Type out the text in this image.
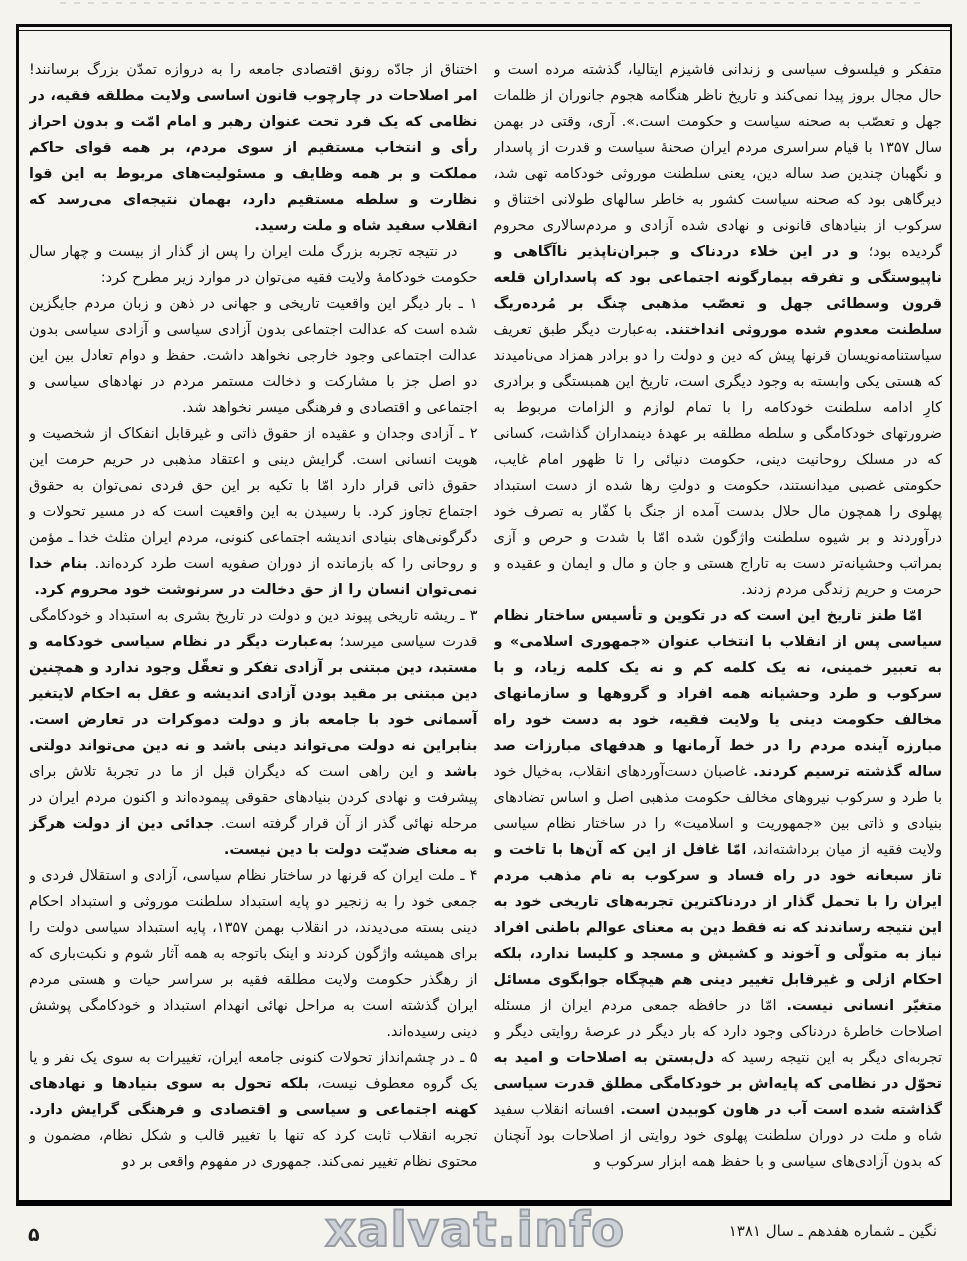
متفکر و فیلسوف سیاسی و زندانی فاشیزم ایتالیا، گذشته مرده است و حال مجال بروز پیدا نمی‌کند و تاریخ ناظر هنگامه هجوم جانوران از ظلمات جهل و تعصّب به صحنه سیاست و حکومت است.». آری، وقتی در بهمن سال ۱۳۵۷ با قیام سراسری مردم ایران صحنهٔ سیاست و قدرت از پاسدار و نگهبان چندین صد ساله دین، یعنی سلطنت موروثی خودکامه تهی شد، دیرگاهی بود که صحنه سیاست کشور به خاطر سالهای طولانی اختناق و سرکوب از بنیادهای قانونی و نهادی شده آزادی و مردم‌سالاری محروم گردیده بود؛ و در این خلاء دردناک و جبران‌ناپذیر ناآگاهی و ناپیوستگی و تفرقه بیمارگونه اجتماعی بود که پاسداران قلعه قرون وسطائی جهل و تعصّب مذهبی چنگ بر مُرده‌ریگ سلطنت معدوم شده موروثی انداختند. به‌عبارت دیگر طبق تعریف سیاستنامه‌نویسان قرنها پیش که دین و دولت را دو برادر همزاد می‌نامیدند که هستی یکی وابسته به وجود دیگری است، تاریخ این همبستگی و برادری کارِ ادامه سلطنت خودکامه را با تمام لوازم و الزامات مربوط به ضرورتهای خودکامگی و سلطه مطلقه بر عهدهٔ دینمداران گذاشت، کسانی که در مسلک روحانیت دینی، حکومت دنیائی را تا ظهور امام غایب، حکومتی غصبی میدانستند، حکومت و دولتِ رها شده از دست استبداد پهلوی را همچون مال حلال بدست آمده از جنگ با کفّار به تصرف خود درآوردند و بر شیوه سلطنت واژگون شده امّا با شدت و حرص و آزی بمراتب وحشیانه‌تر دست به تاراج هستی و جان و مال و ایمان و عقیده و حرمت و حریم زندگی مردم زدند.

امّا طنز تاریخ این است که در تکوین و تأسیس ساختار نظام سیاسی پس از انقلاب با انتخاب عنوان «جمهوری اسلامی» و به تعبیر خمینی، نه یک کلمه کم و نه یک کلمه زیاد، و با سرکوب و طرد وحشیانه همه افراد و گروهها و سازمانهای مخالف حکومت دینی یا ولایت فقیه، خود به دست خود راه مبارزه آینده مردم را در خط آرمانها و هدفهای مبارزات صد ساله گذشته ترسیم کردند. غاصبان دست‌آوردهای انقلاب، به‌خیال خود با طرد و سرکوب نیروهای مخالف حکومت مذهبی اصل و اساس تضادهای بنیادی و ذاتی بین «جمهوریت و اسلامیت» را در ساختار نظام سیاسی ولایت فقیه از میان برداشته‌اند، امّا غافل از این که آن‌ها با تاخت و تاز سبعانه خود در راه فساد و سرکوب به نام مذهب مردم ایران را با تحمل گذار از دردناکترین تجربه‌های تاریخی خود به این نتیجه رساندند که نه فقط دین به معنای عوالم باطنی افراد نیاز به متولّی و آخوند و کشیش و مسجد و کلیسا ندارد، بلکه احکام ازلی و غیرقابل تغییر دینی هم هیچگاه جوابگوی مسائل متغیّر انسانی نیست. امّا در حافظه جمعی مردم ایران از مسئله اصلاحات خاطرهٔ دردناکی وجود دارد که بار دیگر در عرصهٔ روایتی دیگر و تجربه‌ای دیگر به این نتیجه رسید که دل‌بستن به اصلاحات و امید به تحوّل در نظامی که پایه‌اش بر خودکامگی مطلق قدرت سیاسی گذاشته شده است آب در هاون کوبیدن است. افسانه انقلاب سفید شاه و ملت در دوران سلطنت پهلوی خود روایتی از اصلاحات بود آنچنان که بدون آزادی‌های سیاسی و با حفظ همه ابزار سرکوب و

اختناق از جادّه رونق اقتصادی جامعه را به دروازه تمدّن بزرگ برسانند! امر اصلاحات در چارچوب قانون اساسی ولایت مطلقه فقیه، در نظامی که یک فرد تحت عنوان رهبر و امام امّت و بدون احراز رأی و انتخاب مستقیم از سوی مردم، بر همه قوای حاکم مملکت و بر همه وظایف و مسئولیت‌های مربوط به این قوا نظارت و سلطه مستقیم دارد، بهمان نتیجه‌ای می‌رسد که انقلاب سفید شاه و ملت رسید.

در نتیجه تجربه بزرگ ملت ایران را پس از گذار از بیست و چهار سال حکومت خودکامهٔ ولایت فقیه می‌توان در موارد زیر مطرح کرد:

۱ ـ بار دیگر این واقعیت تاریخی و جهانی در ذهن و زبان مردم جایگزین شده است که عدالت اجتماعی بدون آزادی سیاسی و آزادی سیاسی بدون عدالت اجتماعی وجود خارجی نخواهد داشت. حفظ و دوام تعادل بین این دو اصل جز با مشارکت و دخالت مستمر مردم در نهادهای سیاسی و اجتماعی و اقتصادی و فرهنگی میسر نخواهد شد.

۲ ـ آزادی وجدان و عقیده از حقوق ذاتی و غیرقابل انفکاک از شخصیت و هویت انسانی است. گرایش دینی و اعتقاد مذهبی در حریم حرمت این حقوق ذاتی قرار دارد امّا با تکیه بر این حق فردی نمی‌توان به حقوق اجتماع تجاوز کرد. با رسیدن به این واقعیت است که در مسیر تحولات و دگرگونی‌های بنیادی اندیشه اجتماعی کنونی، مردم ایران مثلث خدا ـ مؤمن و روحانی را که بازمانده از دوران صفویه است طرد کرده‌اند. بنام خدا نمی‌توان انسان را از حق دخالت در سرنوشت خود محروم کرد.

۳ ـ ریشه تاریخی پیوند دین و دولت در تاریخ بشری به استبداد و خودکامگی قدرت سیاسی میرسد؛ به‌عبارت دیگر در نظام سیاسی خودکامه و مستبد، دین مبتنی بر آزادی تفکر و تعقّل وجود ندارد و همچنین دین مبتنی بر مقید بودن آزادی اندیشه و عقل به احکام لایتغیر آسمانی خود با جامعه باز و دولت دموکرات در تعارض است. بنابراین نه دولت می‌تواند دینی باشد و نه دین می‌تواند دولتی باشد و این راهی است که دیگران قبل از ما در تجربهٔ تلاش برای پیشرفت و نهادی کردن بنیادهای حقوقی پیموده‌اند و اکنون مردم ایران در مرحله نهائی گذر از آن قرار گرفته است. جدائی دین از دولت هرگز به معنای ضدیّت دولت با دین نیست.

۴ ـ ملت ایران که قرنها در ساختار نظام سیاسی، آزادی و استقلال فردی و جمعی خود را به زنجیر دو پایه استبداد سلطنت موروثی و استبداد احکام دینی بسته می‌دیدند، در انقلاب بهمن ۱۳۵۷، پایه استبداد سیاسی دولت را برای همیشه واژگون کردند و اینک باتوجه به همه آثار شوم و نکبت‌باری که از رهگذر حکومت ولایت مطلقه فقیه بر سراسر حیات و هستی مردم ایران گذشته است به مراحل نهائی انهدام استبداد و خودکامگی پوشش دینی رسیده‌اند.

۵ ـ در چشم‌انداز تحولات کنونی جامعه ایران، تغییرات به سوی یک نفر و یا یک گروه معطوف نیست، بلکه تحول به سوی بنیادها و نهادهای کهنه اجتماعی و سیاسی و اقتصادی و فرهنگی گرایش دارد. تجربه انقلاب ثابت کرد که تنها با تغییر قالب و شکل نظام، مضمون و محتوی نظام تغییر نمی‌کند. جمهوری در مفهوم واقعی بر دو

نگین ـ شماره هفدهم ـ سال ۱۳۸۱
xalvat.info
۵
